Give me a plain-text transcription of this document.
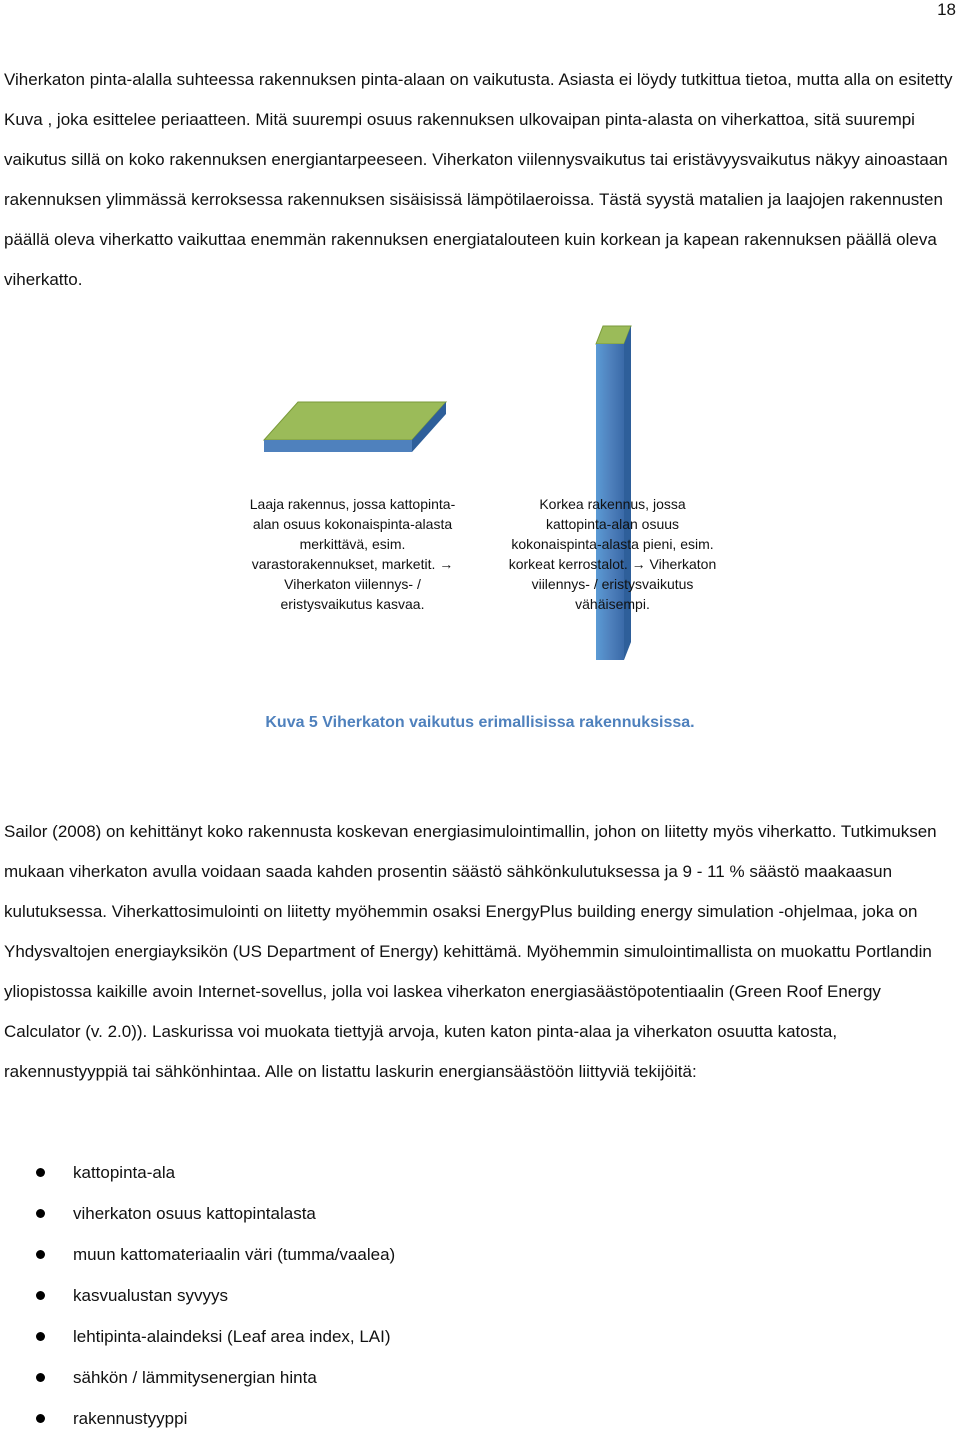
18

Viherkaton pinta-alalla suhteessa rakennuksen pinta-alaan on vaikutusta. Asiasta ei löydy tutkittua tietoa, mutta alla on esitetty Kuva , joka esittelee periaatteen. Mitä suurempi osuus rakennuksen ulkovaipan pinta-alasta on viherkattoa, sitä suurempi vaikutus sillä on koko rakennuksen energiantarpeeseen. Viherkaton viilennysvaikutus tai eristävyysvaikutus näkyy ainoastaan rakennuksen ylimmässä kerroksessa rakennuksen sisäisissä lämpötilaeroissa. Tästä syystä matalien ja laajojen rakennusten päällä oleva viherkatto vaikuttaa enemmän rakennuksen energiatalouteen kuin korkean ja kapean rakennuksen päällä oleva viherkatto.

Laaja rakennus, jossa kattopinta-alan osuus kokonaispinta-alasta merkittävä, esim. varastorakennukset, marketit. → Viherkaton viilennys- / eristysvaikutus kasvaa.
Korkea rakennus, jossa kattopinta-alan osuus kokonaispinta-alasta pieni, esim. korkeat kerrostalot. → Viherkaton viilennys- / eristysvaikutus vähäisempi.
Kuva 5 Viherkaton vaikutus erimallisissa rakennuksissa.

Sailor (2008) on kehittänyt koko rakennusta koskevan energiasimulointimallin, johon on liitetty myös viherkatto. Tutkimuksen mukaan viherkaton avulla voidaan saada kahden prosentin säästö sähkönkulutuksessa ja 9 - 11 % säästö maakaasun kulutuksessa. Viherkattosimulointi on liitetty myöhemmin osaksi EnergyPlus building energy simulation -ohjelmaa, joka on Yhdysvaltojen energiayksikön (US Department of Energy) kehittämä. Myöhemmin simulointimallista on muokattu Portlandin yliopistossa kaikille avoin Internet-sovellus, jolla voi laskea viherkaton energiasäästöpotentiaalin (Green Roof Energy Calculator (v. 2.0)). Laskurissa voi muokata tiettyjä arvoja, kuten katon pinta-alaa ja viherkaton osuutta katosta, rakennustyyppiä tai sähkönhintaa. Alle on listattu laskurin energiansäästöön liittyviä tekijöitä:

kattopinta-ala
viherkaton osuus kattopintalasta
muun kattomateriaalin väri (tumma/vaalea)
kasvualustan syvyys
lehtipinta-alaindeksi (Leaf area index, LAI)
sähkön / lämmitysenergian hinta
rakennustyyppi
